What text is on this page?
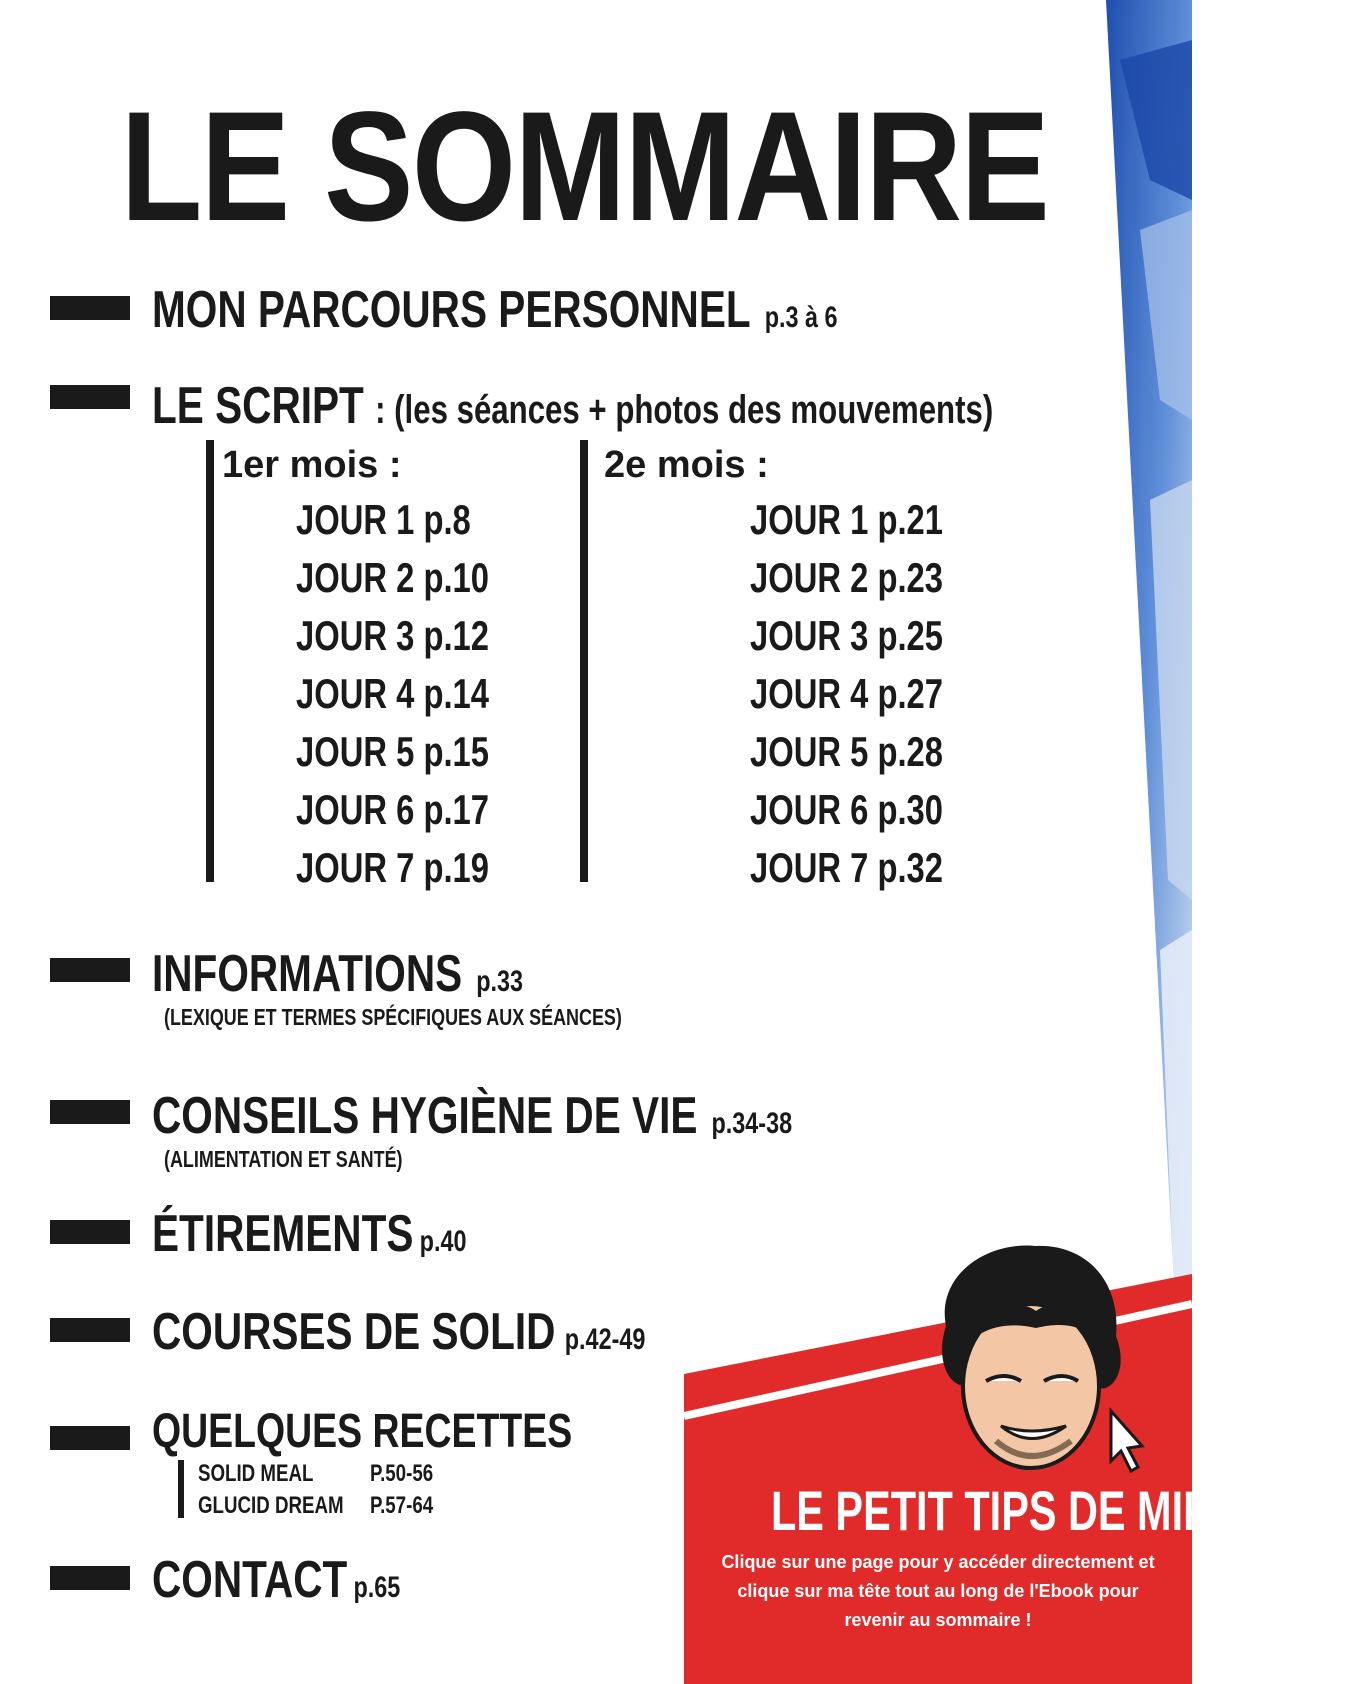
LE SOMMAIRE
MON PARCOURS PERSONNEL p.3 à 6
LE SCRIPT : (les séances + photos des mouvements)
1er mois :	2e mois :
JOUR 1 p.8
JOUR 2 p.10
JOUR 3 p.12
JOUR 4 p.14
JOUR 5 p.15
JOUR 6 p.17
JOUR 7 p.19
JOUR 1 p.21
JOUR 2 p.23
JOUR 3 p.25
JOUR 4 p.27
JOUR 5 p.28
JOUR 6 p.30
JOUR 7 p.32
INFORMATIONS p.33
(LEXIQUE ET TERMES SPÉCIFIQUES AUX SÉANCES)
CONSEILS HYGIÈNE DE VIE p.34-38
(ALIMENTATION ET SANTÉ)
ÉTIREMENTS p.40
COURSES DE SOLID p.42-49
QUELQUES RECETTES
SOLID MEAL P.50-56
GLUCID DREAM P.57-64
CONTACT p.65
LE PETIT TIPS DE MIKE !
Clique sur une page pour y accéder directement et clique sur ma tête tout au long de l'Ebook pour revenir au sommaire !
